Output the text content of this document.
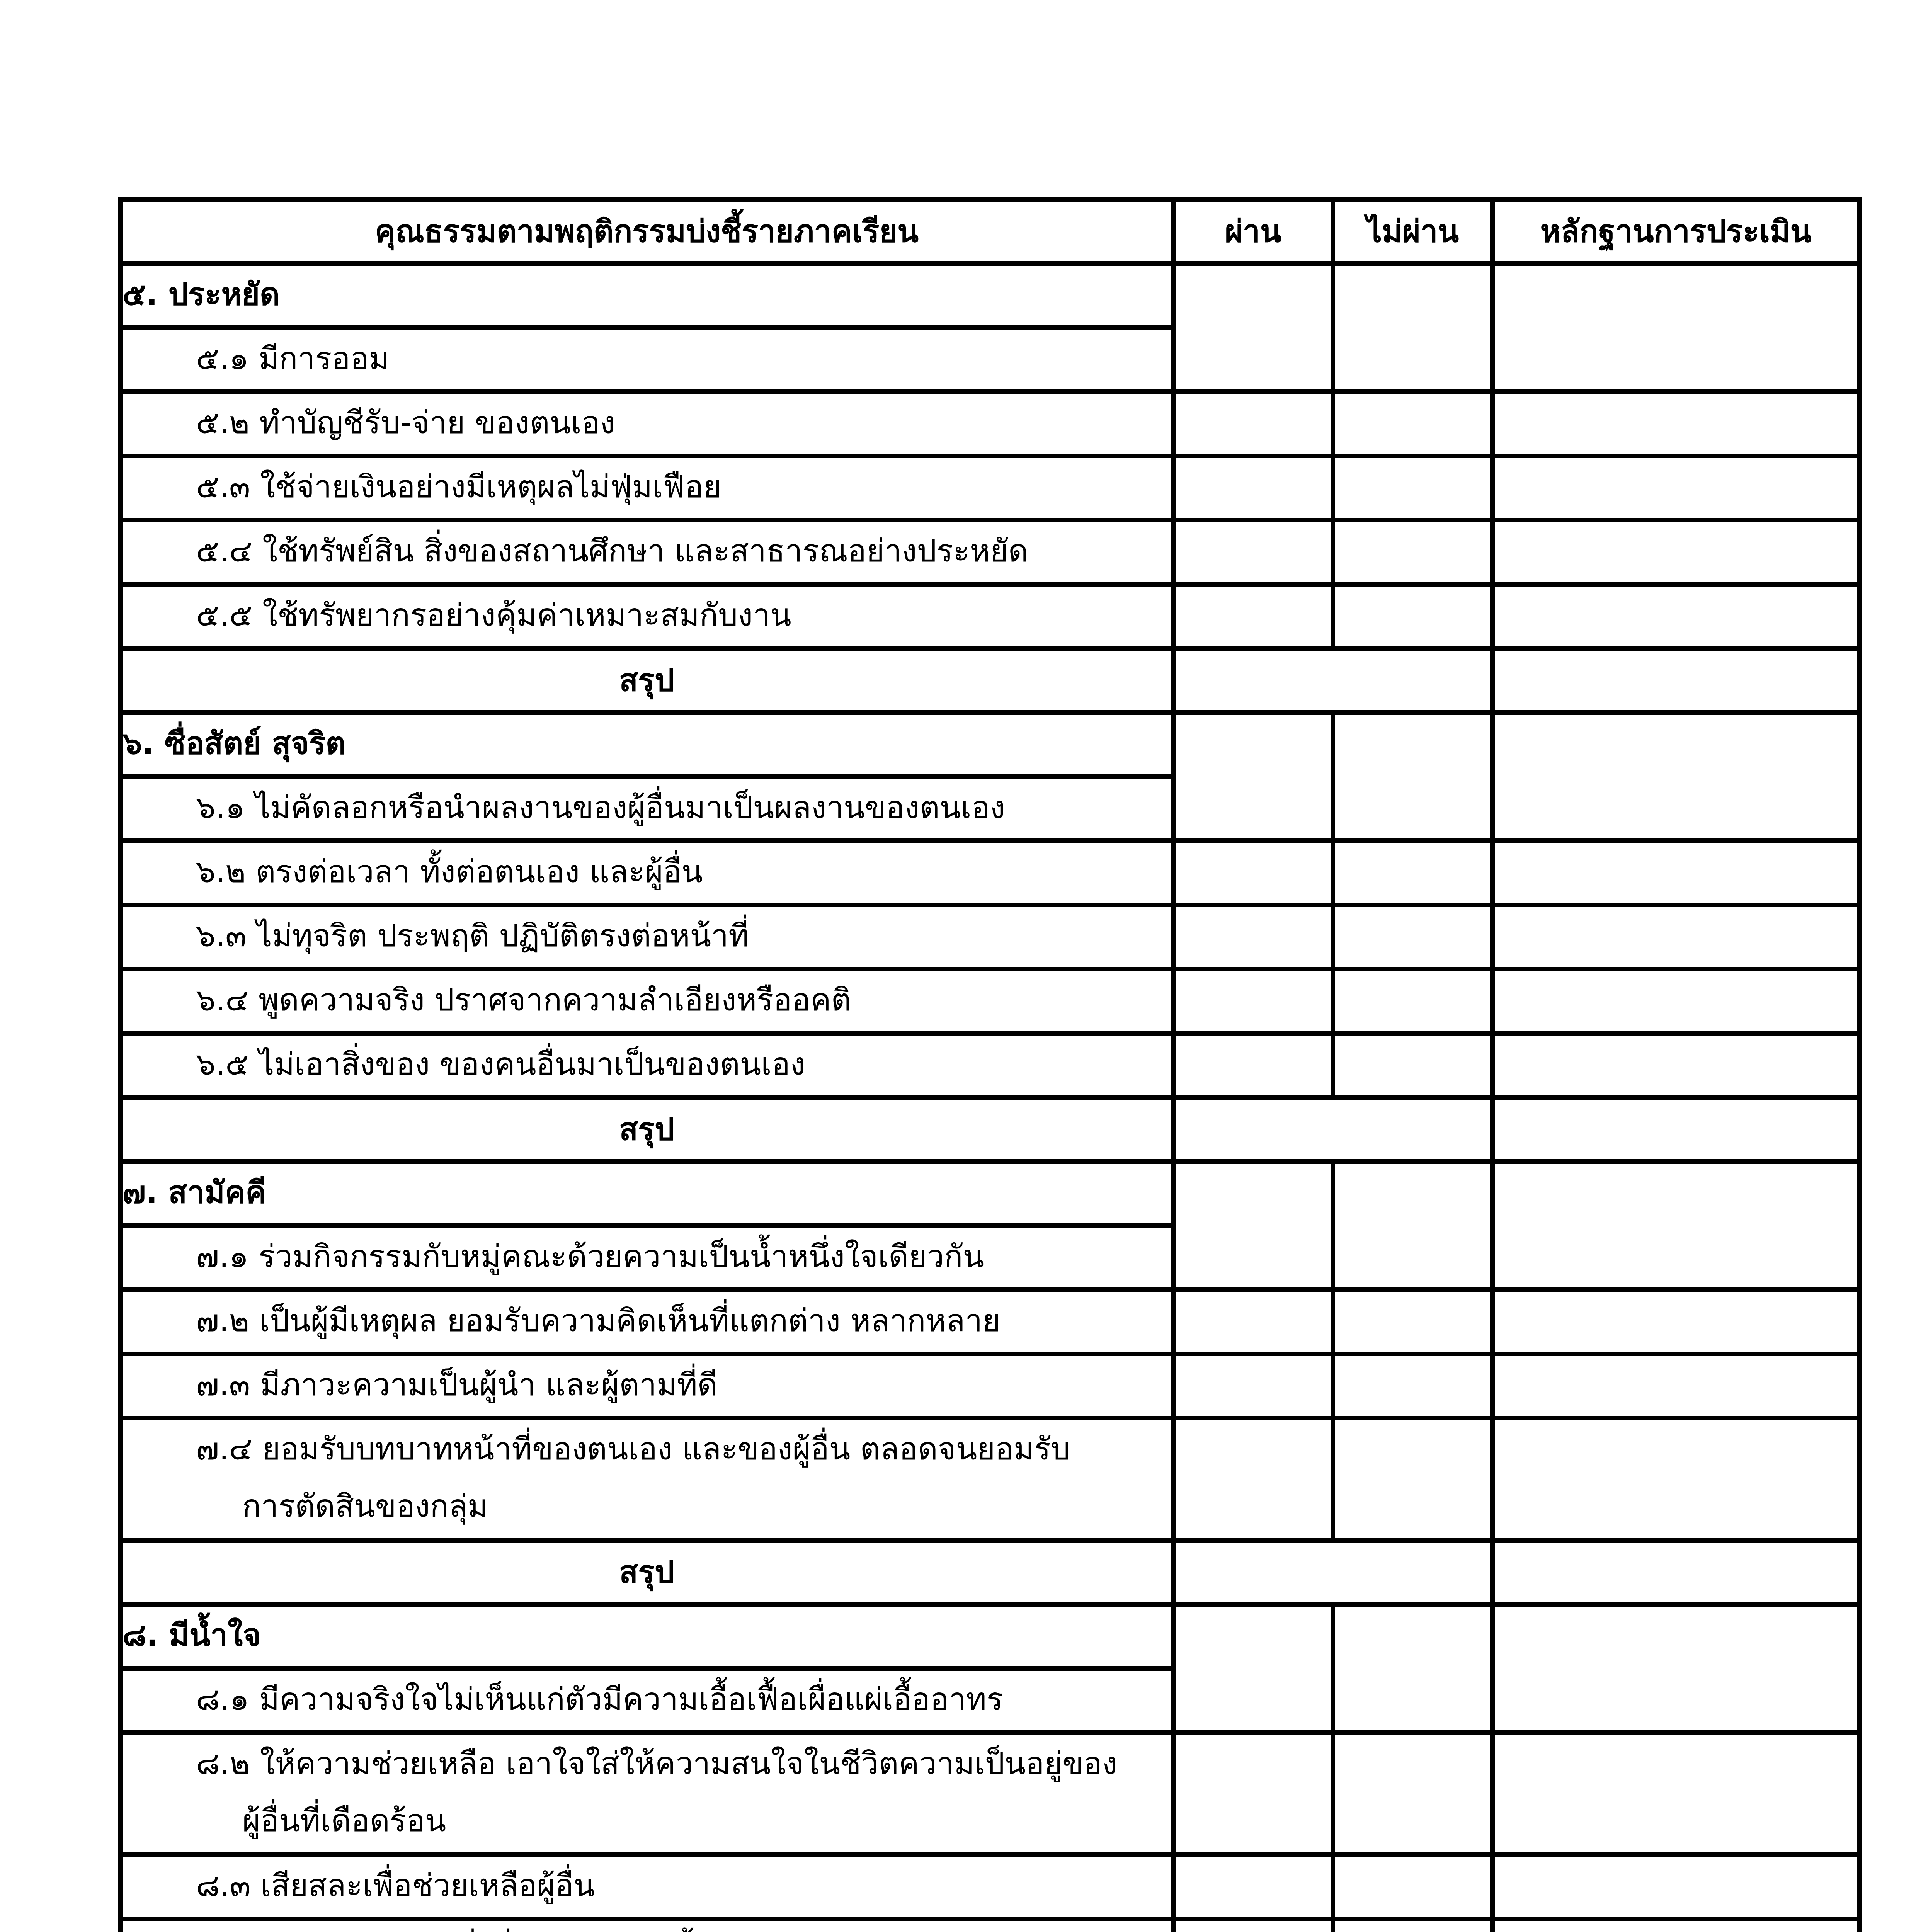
คุณธรรมตามพฤติกรรมบ่งชี้รายภาคเรียน	ผ่าน	ไม่ผ่าน	หลักฐานการประเมิน
๕. ประหยัด			
๕.๑ มีการออม			
๕.๒ ทำบัญชีรับ-จ่าย ของตนเอง			
๕.๓ ใช้จ่ายเงินอย่างมีเหตุผลไม่ฟุ่มเฟือย			
๕.๔ ใช้ทรัพย์สิน สิ่งของสถานศึกษา และสาธารณอย่างประหยัด			
๕.๕ ใช้ทรัพยากรอย่างคุ้มค่าเหมาะสมกับงาน			
สรุป			
๖. ซื่อสัตย์ สุจริต			
๖.๑ ไม่คัดลอกหรือนำผลงานของผู้อื่นมาเป็นผลงานของตนเอง			
๖.๒ ตรงต่อเวลา ทั้งต่อตนเอง และผู้อื่น			
๖.๓ ไม่ทุจริต ประพฤติ ปฏิบัติตรงต่อหน้าที่			
๖.๔ พูดความจริง ปราศจากความลำเอียงหรืออคติ			
๖.๕ ไม่เอาสิ่งของ ของคนอื่นมาเป็นของตนเอง			
สรุป			
๗. สามัคคี			
๗.๑ ร่วมกิจกรรมกับหมู่คณะด้วยความเป็นน้ำหนึ่งใจเดียวกัน			
๗.๒ เป็นผู้มีเหตุผล ยอมรับความคิดเห็นที่แตกต่าง หลากหลาย			
๗.๓ มีภาวะความเป็นผู้นำ และผู้ตามที่ดี			

๗.๔ ยอมรับบทบาทหน้าที่ของตนเอง และของผู้อื่น ตลอดจนยอมรับ
การตัดสินของกลุ่ม			

สรุป			
๘. มีน้ำใจ			
๘.๑ มีความจริงใจไม่เห็นแก่ตัวมีความเอื้อเฟื้อเผื่อแผ่เอื้ออาทร			

๘.๒ ให้ความช่วยเหลือ เอาใจใส่ให้ความสนใจในชีวิตความเป็นอยู่ของ
ผู้อื่นที่เดือดร้อน			

๘.๓ เสียสละเพื่อช่วยเหลือผู้อื่น			
